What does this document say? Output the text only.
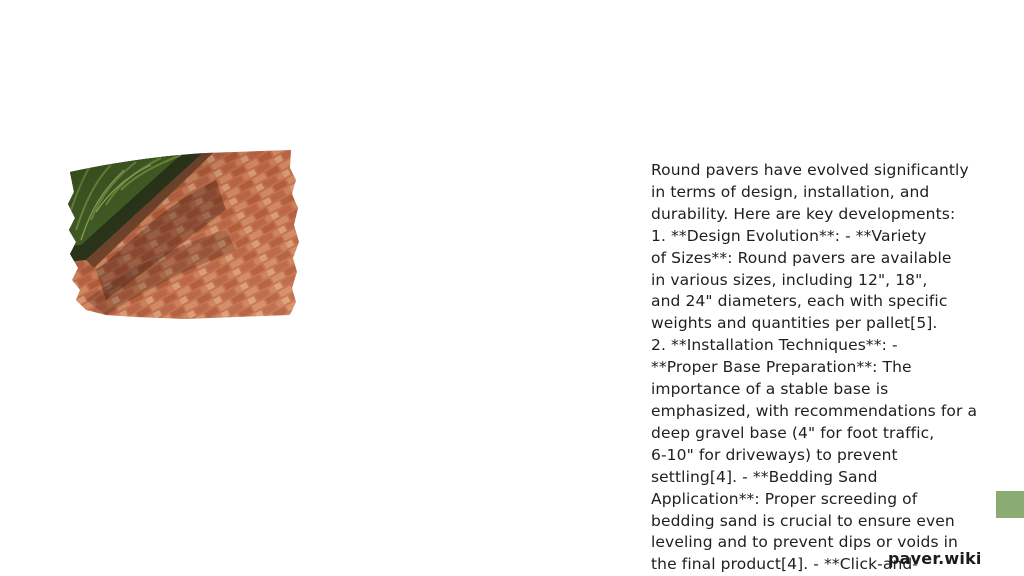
Round pavers have evolved significantly

in terms of design, installation, and

durability. Here are key developments:

1. **Design Evolution**: - **Variety

of Sizes**: Round pavers are available

in various sizes, including 12", 18",

and 24" diameters, each with specific

weights and quantities per pallet[5].

2. **Installation Techniques**: -

**Proper Base Preparation**: The

importance of a stable base is

emphasized, with recommendations for a

deep gravel base (4" for foot traffic,

6-10" for driveways) to prevent

settling[4]. - **Bedding Sand

Application**: Proper screeding of

bedding sand is crucial to ensure even

leveling and to prevent dips or voids in

the final product[4]. - **Click-and-

paver.wiki
